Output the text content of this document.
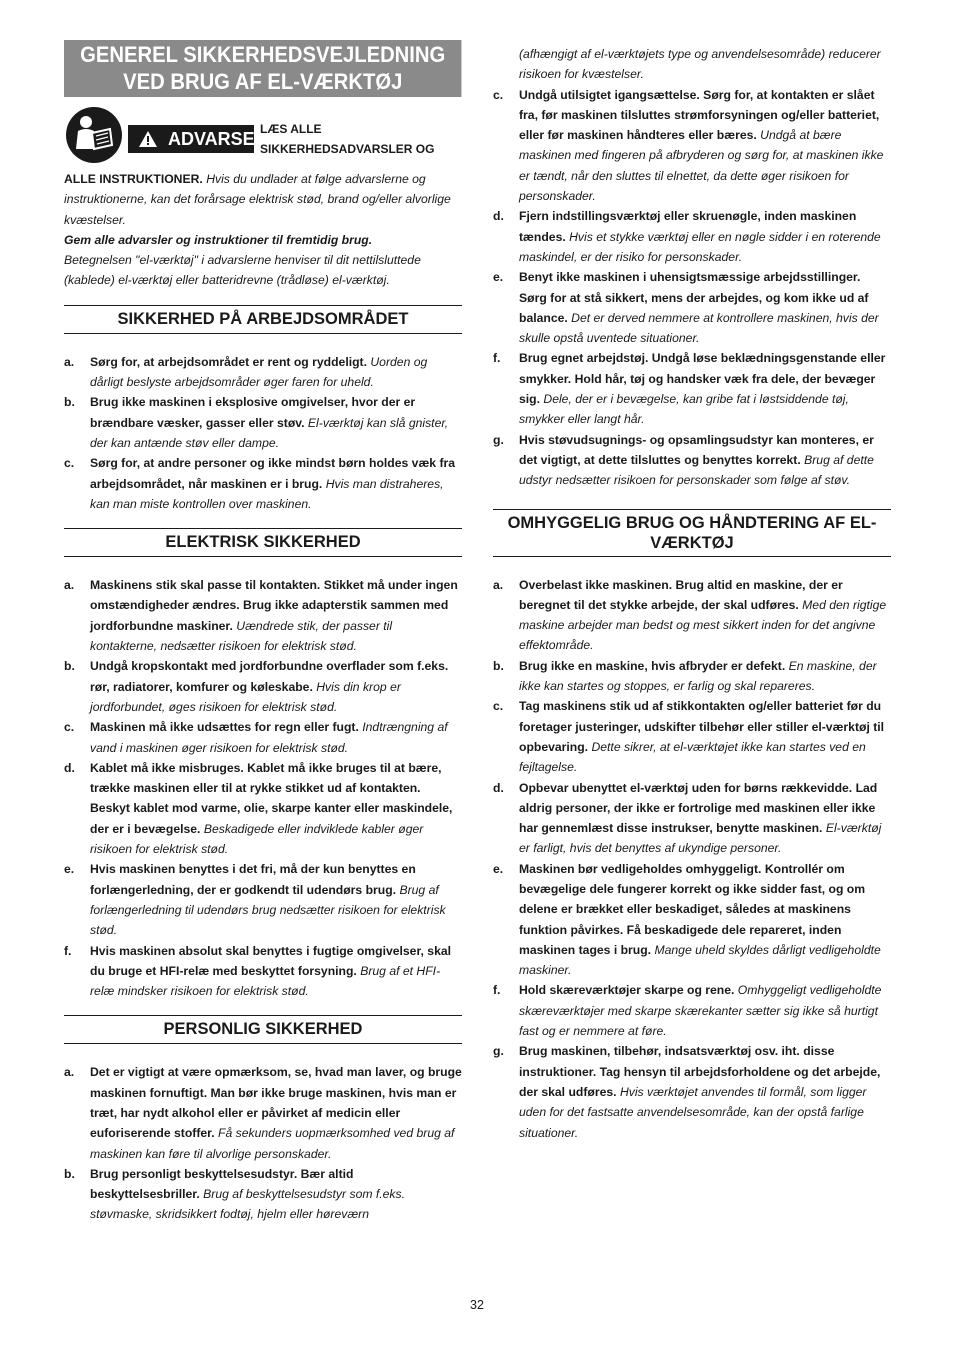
GENEREL SIKKERHEDSVEJLEDNING
VED BRUG AF EL-VÆRKTØJ
ADVARSEL
LÆS ALLE
SIKKERHEDSADVARSLER OG

ALLE INSTRUKTIONER. Hvis du undlader at følge advarslerne og instruktionerne, kan det forårsage elektrisk stød, brand og/eller alvorlige kvæstelser.

Gem alle advarsler og instruktioner til fremtidig brug.

Betegnelsen "el-værktøj" i advarslerne henviser til dit nettilsluttede (kablede) el-værktøj eller batteridrevne (trådløse) el-værktøj.

SIKKERHED PÅ ARBEJDSOMRÅDET
a. Sørg for, at arbejdsområdet er rent og ryddeligt. Uorden og dårligt beslyste arbejdsområder øger faren for uheld.
b. Brug ikke maskinen i eksplosive omgivelser, hvor der er brændbare væsker, gasser eller støv. El-værktøj kan slå gnister, der kan antænde støv eller dampe.
c. Sørg for, at andre personer og ikke mindst børn holdes væk fra arbejdsområdet, når maskinen er i brug. Hvis man distraheres, kan man miste kontrollen over maskinen.
ELEKTRISK SIKKERHED
a. Maskinens stik skal passe til kontakten. Stikket må under ingen omstændigheder ændres. Brug ikke adapterstik sammen med jordforbundne maskiner. Uændrede stik, der passer til kontakterne, nedsætter risikoen for elektrisk stød.
b. Undgå kropskontakt med jordforbundne overflader som f.eks. rør, radiatorer, komfurer og køleskabe. Hvis din krop er jordforbundet, øges risikoen for elektrisk stød.
c. Maskinen må ikke udsættes for regn eller fugt. Indtrængning af vand i maskinen øger risikoen for elektrisk stød.
d. Kablet må ikke misbruges. Kablet må ikke bruges til at bære, trække maskinen eller til at rykke stikket ud af kontakten. Beskyt kablet mod varme, olie, skarpe kanter eller maskindele, der er i bevægelse. Beskadigede eller indviklede kabler øger risikoen for elektrisk stød.
e. Hvis maskinen benyttes i det fri, må der kun benyttes en forlængerledning, der er godkendt til udendørs brug. Brug af forlængerledning til udendørs brug nedsætter risikoen for elektrisk stød.
f. Hvis maskinen absolut skal benyttes i fugtige omgivelser, skal du bruge et HFI-relæ med beskyttet forsyning. Brug af et HFI-relæ mindsker risikoen for elektrisk stød.
PERSONLIG SIKKERHED
a. Det er vigtigt at være opmærksom, se, hvad man laver, og bruge maskinen fornuftigt. Man bør ikke bruge maskinen, hvis man er træt, har nydt alkohol eller er påvirket af medicin eller euforiserende stoffer. Få sekunders uopmærksomhed ved brug af maskinen kan føre til alvorlige personskader.
b. Brug personligt beskyttelsesudstyr. Bær altid beskyttelsesbriller. Brug af beskyttelsesudstyr som f.eks. støvmaske, skridsikkert fodtøj, hjelm eller høreværn
(afhængigt af el-værktøjets type og anvendelsesområde) reducerer risikoen for kvæstelser.
c. Undgå utilsigtet igangsættelse. Sørg for, at kontakten er slået fra, før maskinen tilsluttes strømforsyningen og/eller batteriet, eller før maskinen håndteres eller bæres. Undgå at bære maskinen med fingeren på afbryderen og sørg for, at maskinen ikke er tændt, når den sluttes til elnettet, da dette øger risikoen for personskader.
d. Fjern indstillingsværktøj eller skruenøgle, inden maskinen tændes. Hvis et stykke værktøj eller en nøgle sidder i en roterende maskindel, er der risiko for personskader.
e. Benyt ikke maskinen i uhensigtsmæssige arbejdsstillinger. Sørg for at stå sikkert, mens der arbejdes, og kom ikke ud af balance. Det er derved nemmere at kontrollere maskinen, hvis der skulle opstå uventede situationer.
f. Brug egnet arbejdstøj. Undgå løse beklædningsgenstande eller smykker. Hold hår, tøj og handsker væk fra dele, der bevæger sig. Dele, der er i bevægelse, kan gribe fat i løstsiddende tøj, smykker eller langt hår.
g. Hvis støvudsugnings- og opsamlingsudstyr kan monteres, er det vigtigt, at dette tilsluttes og benyttes korrekt. Brug af dette udstyr nedsætter risikoen for personskader som følge af støv.
OMHYGGELIG BRUG OG HÅNDTERING AF EL-
VÆRKTØJ
a. Overbelast ikke maskinen. Brug altid en maskine, der er beregnet til det stykke arbejde, der skal udføres. Med den rigtige maskine arbejder man bedst og mest sikkert inden for det angivne effektområde.
b. Brug ikke en maskine, hvis afbryder er defekt. En maskine, der ikke kan startes og stoppes, er farlig og skal repareres.
c. Tag maskinens stik ud af stikkontakten og/eller batteriet før du foretager justeringer, udskifter tilbehør eller stiller el-værktøj til opbevaring. Dette sikrer, at el-værktøjet ikke kan startes ved en fejltagelse.
d. Opbevar ubenyttet el-værktøj uden for børns rækkevidde. Lad aldrig personer, der ikke er fortrolige med maskinen eller ikke har gennemlæst disse instrukser, benytte maskinen. El-værktøj er farligt, hvis det benyttes af ukyndige personer.
e. Maskinen bør vedligeholdes omhyggeligt. Kontrollér om bevægelige dele fungerer korrekt og ikke sidder fast, og om delene er brækket eller beskadiget, således at maskinens funktion påvirkes. Få beskadigede dele repareret, inden maskinen tages i brug. Mange uheld skyldes dårligt vedligeholdte maskiner.
f. Hold skæreværktøjer skarpe og rene. Omhyggeligt vedligeholdte skæreværktøjer med skarpe skærekanter sætter sig ikke så hurtigt fast og er nemmere at føre.
g. Brug maskinen, tilbehør, indsatsværktøj osv. iht. disse instruktioner. Tag hensyn til arbejdsforholdene og det arbejde, der skal udføres. Hvis værktøjet anvendes til formål, som ligger uden for det fastsatte anvendelsesområde, kan der opstå farlige situationer.
32
